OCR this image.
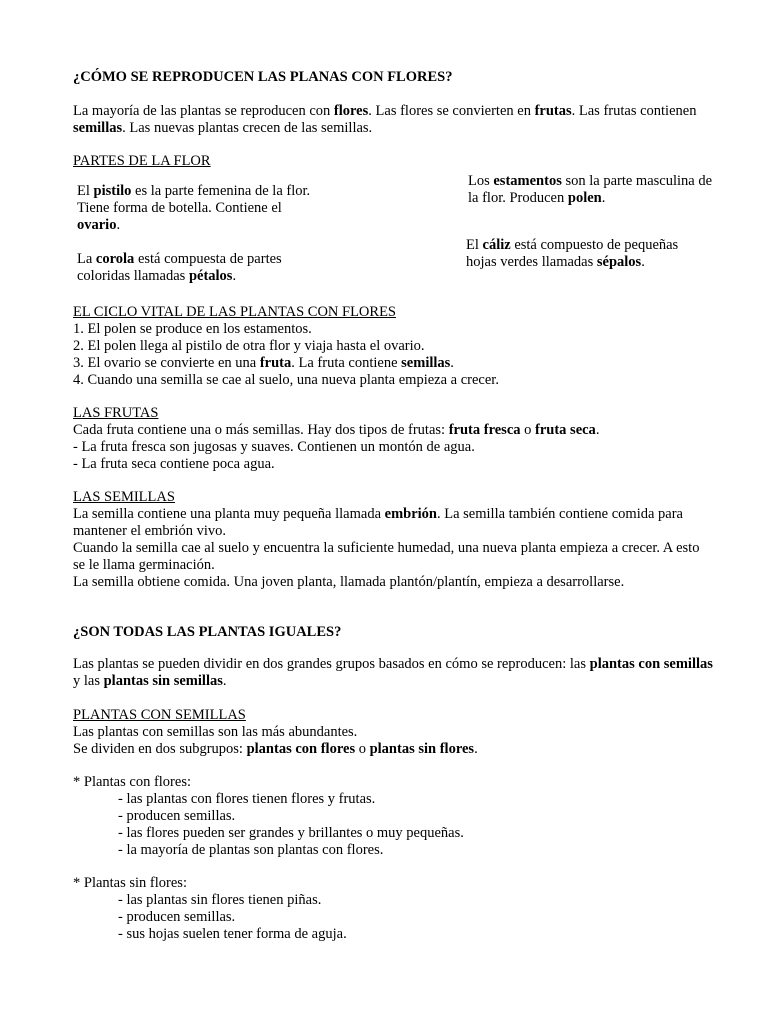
¿CÓMO SE REPRODUCEN LAS PLANAS CON FLORES?

La mayoría de las plantas se reproducen con flores. Las flores se convierten en frutas. Las frutas contienen semillas. Las nuevas plantas crecen de las semillas.

PARTES DE LA FLOR

El pistilo es la parte femenina de la flor. Tiene forma de botella. Contiene el ovario.

La corola está compuesta de partes coloridas llamadas pétalos.

Los estamentos son la parte masculina de la flor. Producen polen.

El cáliz está compuesto de pequeñas hojas verdes llamadas sépalos.

EL CICLO VITAL DE LAS PLANTAS CON FLORES
1. El polen se produce en los estamentos.
2. El polen llega al pistilo de otra flor y viaja hasta el ovario.
3. El ovario se convierte en una fruta. La fruta contiene semillas.
4. Cuando una semilla se cae al suelo, una nueva planta empieza a crecer.
LAS FRUTAS
Cada fruta contiene una o más semillas. Hay dos tipos de frutas: fruta fresca o fruta seca.
- La fruta fresca son jugosas y suaves. Contienen un montón de agua.
- La fruta seca contiene poca agua.
LAS SEMILLAS
La semilla contiene una planta muy pequeña llamada embrión. La semilla también contiene comida para mantener el embrión vivo.
Cuando la semilla cae al suelo y encuentra la suficiente humedad, una nueva planta empieza a crecer. A esto se le llama germinación.
La semilla obtiene comida. Una joven planta, llamada plantón/plantín, empieza a desarrollarse.
¿SON TODAS LAS PLANTAS IGUALES?

Las plantas se pueden dividir en dos grandes grupos basados en cómo se reproducen: las plantas con semillas y las plantas sin semillas.

PLANTAS CON SEMILLAS
Las plantas con semillas son las más abundantes.
Se dividen en dos subgrupos: plantas con flores o plantas sin flores.
* Plantas con flores:
- las plantas con flores tienen flores y frutas.
- producen semillas.
- las flores pueden ser grandes y brillantes o muy pequeñas.
- la mayoría de plantas son plantas con flores.
* Plantas sin flores:
- las plantas sin flores tienen piñas.
- producen semillas.
- sus hojas suelen tener forma de aguja.
